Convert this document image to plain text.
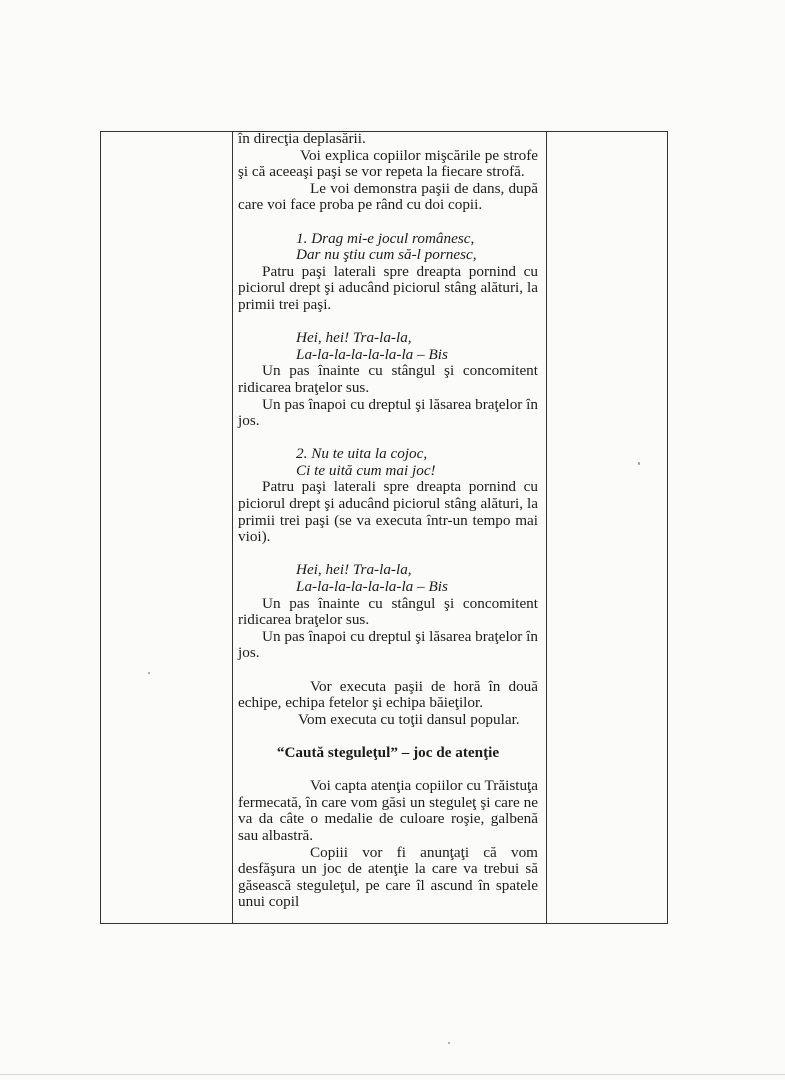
în direcţia deplasării.

Voi explica copiilor mişcările pe strofe şi că aceeaşi paşi se vor repeta la fiecare strofă.

Le voi demonstra paşii de dans, după care voi face proba pe rând cu doi copii.

1. Drag mi-e jocul românesc,

Dar nu ştiu cum să-l pornesc,

Patru paşi laterali spre dreapta pornind cu piciorul drept şi aducând piciorul stâng alături, la primii trei paşi.

Hei, hei! Tra-la-la,

La-la-la-la-la-la-la – Bis

Un pas înainte cu stângul şi concomitent ridicarea braţelor sus.

Un pas înapoi cu dreptul şi lăsarea braţelor în jos.

2. Nu te uita la cojoc,

Ci te uită cum mai joc!

Patru paşi laterali spre dreapta pornind cu piciorul drept şi aducând piciorul stâng alături, la primii trei paşi (se va executa într-un tempo mai vioi).

Hei, hei! Tra-la-la,

La-la-la-la-la-la-la – Bis

Un pas înainte cu stângul şi concomitent ridicarea braţelor sus.

Un pas înapoi cu dreptul şi lăsarea braţelor în jos.

Vor executa paşii de horă în două echipe, echipa fetelor şi echipa băieţilor.

Vom executa cu toţii dansul popular.

“Caută steguleţul” – joc de atenţie

Voi capta atenţia copiilor cu Trăistuţa fermecată, în care vom găsi un steguleţ şi care ne va da câte o medalie de culoare roşie, galbenă sau albastră.

Copiii vor fi anunţaţi că vom desfăşura un joc de atenţie la care va trebui să găsească steguleţul, pe care îl ascund în spatele unui copil
